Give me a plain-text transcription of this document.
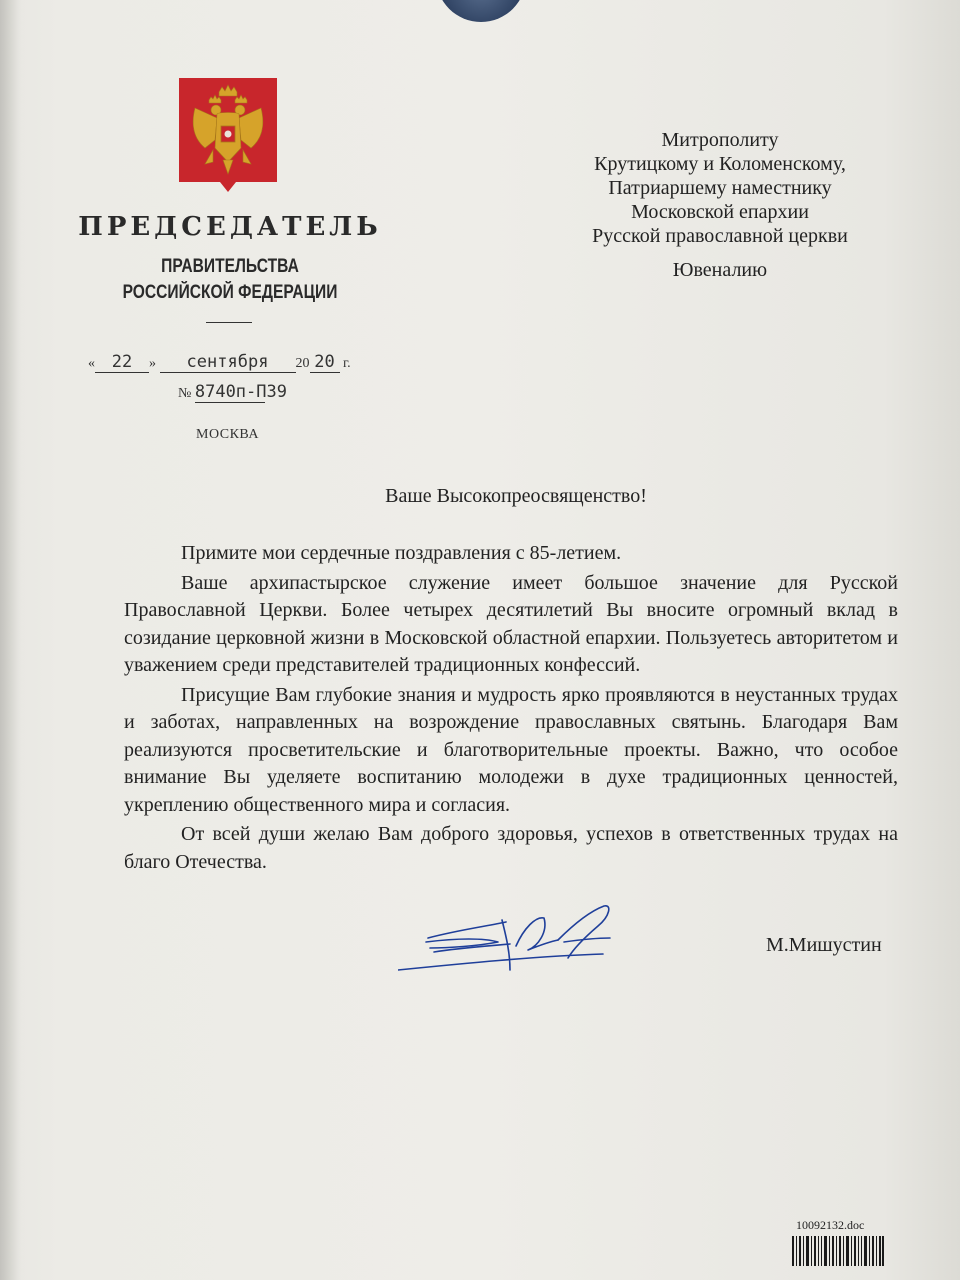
ПРЕДСЕДАТЕЛЬ
ПРАВИТЕЛЬСТВА
РОССИЙСКОЙ ФЕДЕРАЦИИ
« 22 » сентября 20 20 г.
№ 8740п-П39
МОСКВА
Митрополиту
Крутицкому и Коломенскому,
Патриаршему наместнику
Московской епархии
Русской православной церкви
Ювеналию
Ваше Высокопреосвященство!

Примите мои сердечные поздравления с 85-летием.

Ваше архипастырское служение имеет большое значение для Русской Православной Церкви. Более четырех десятилетий Вы вносите огромный вклад в созидание церковной жизни в Московской областной епархии. Пользуетесь авторитетом и уважением среди представителей традиционных конфессий.

Присущие Вам глубокие знания и мудрость ярко проявляются в неустанных трудах и заботах, направленных на возрождение православных святынь. Благодаря Вам реализуются просветительские и благотворительные проекты. Важно, что особое внимание Вы уделяете воспитанию молодежи в духе традиционных ценностей, укреплению общественного мира и согласия.

От всей души желаю Вам доброго здоровья, успехов в ответственных трудах на благо Отечества.

М.Мишустин
10092132.doc
